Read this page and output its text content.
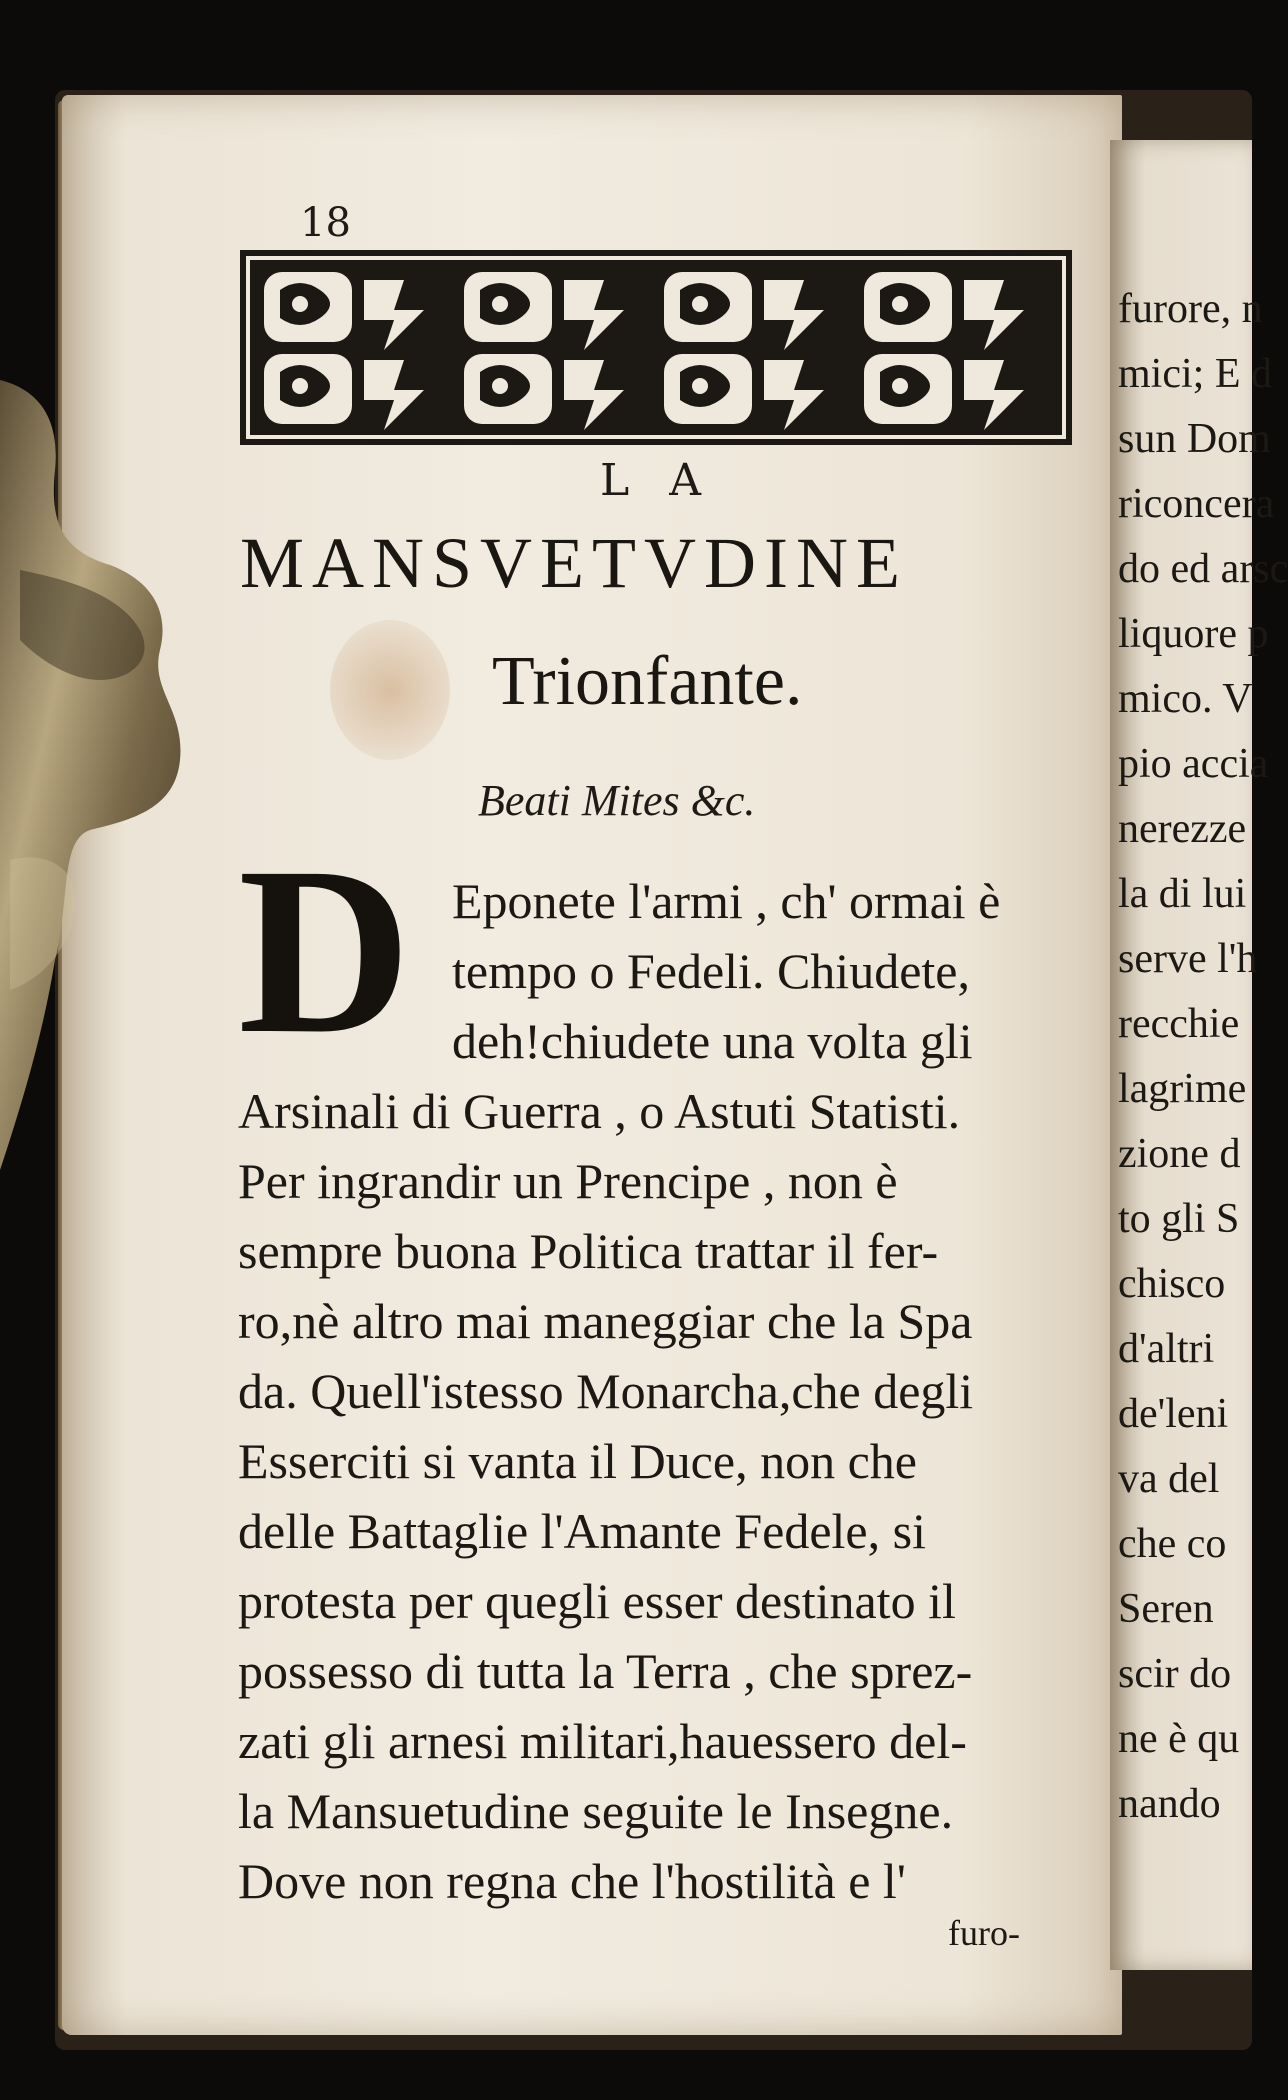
18
LA
MANSVETVDINE
Trionfante.
Beati Mites &c.
D Eponete l'armi , ch' ormai è
tempo o Fedeli. Chiudete,
deh!chiudete una volta gli
Arsinali di Guerra , o Astuti Statisti.
Per ingrandir un Prencipe , non è
sempre buona Politica trattar il fer-
ro,nè altro mai maneggiar che la Spa
da. Quell'istesso Monarcha,che degli
Esserciti si vanta il Duce, non che
delle Battaglie l'Amante Fedele, si
protesta per quegli esser destinato il
possesso di tutta la Terra , che sprez-
zati gli arnesi militari,hauessero del-
la Mansuetudine seguite le Insegne.
Dove non regna che l'hostilità e l'
furo-
furore, n
mici; E d
sun Dom
riconcera
do ed arsc
liquore p
mico. V
pio accia
nerezze
la di lui
serve l'h
recchie
lagrime
zione d
to gli S
chisco
d'altri
de'leni
va del
che co
Seren
scir do
ne è qu
nando
